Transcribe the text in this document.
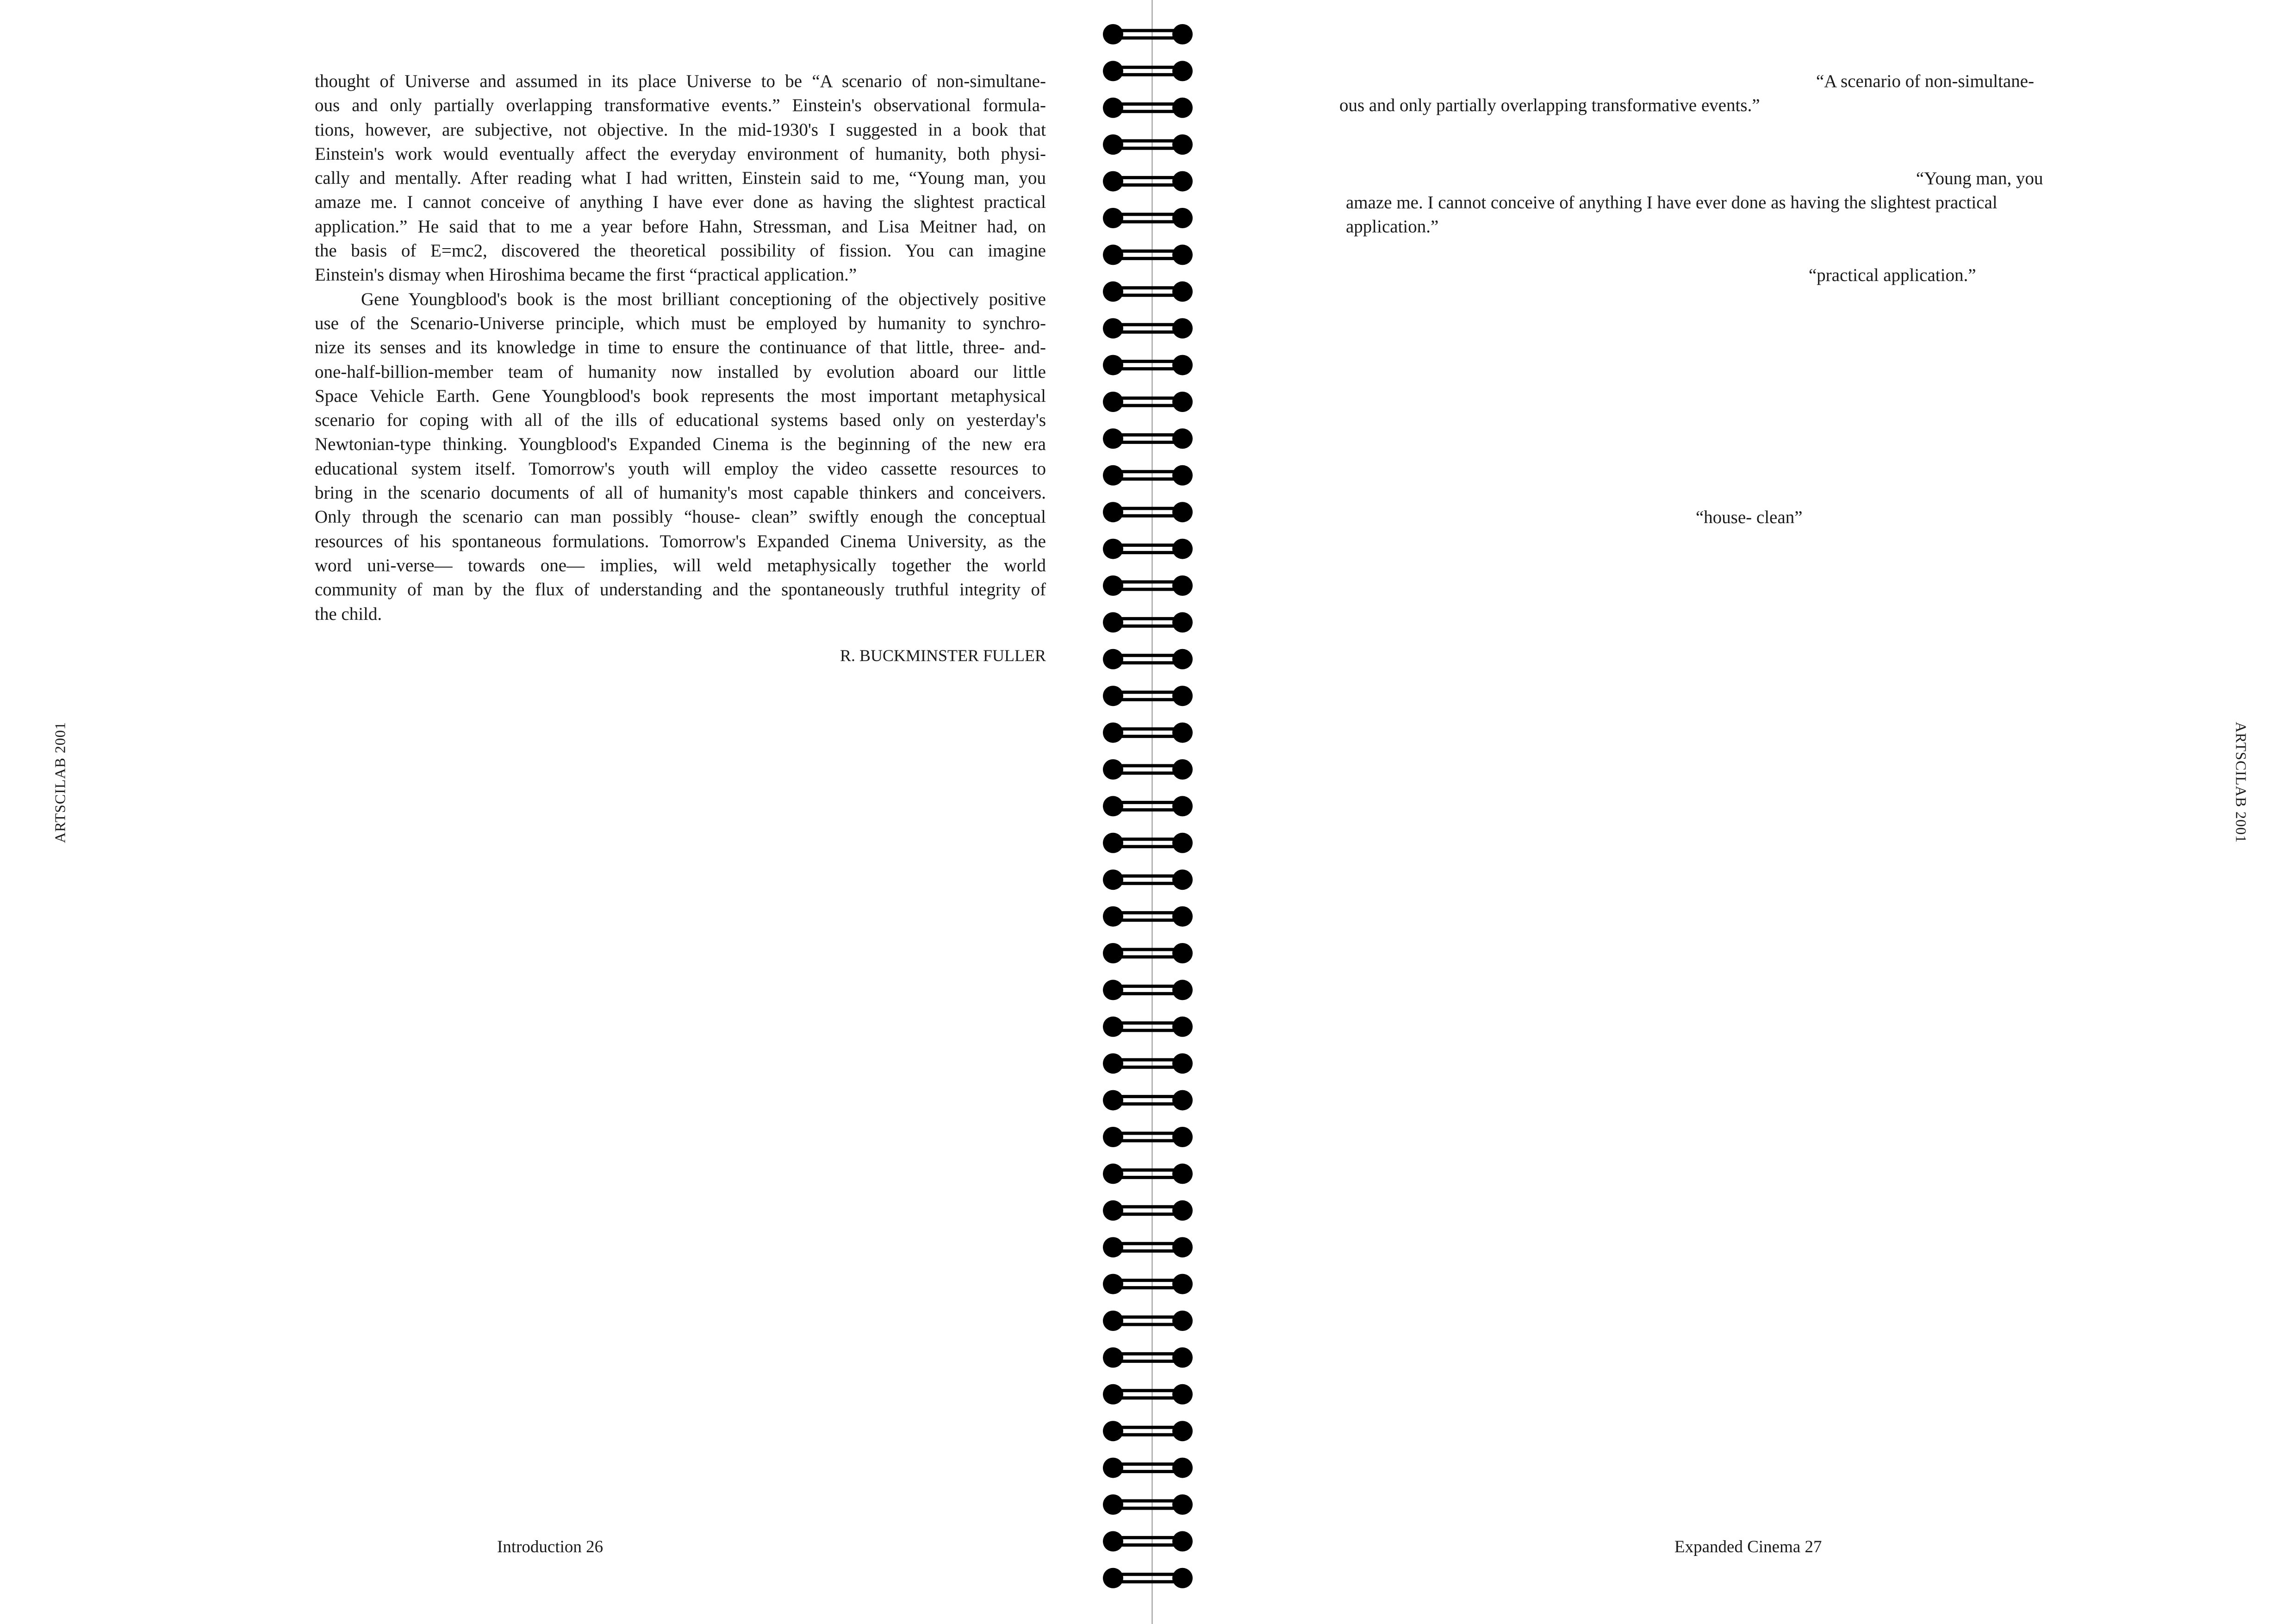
thought of Universe and assumed in its place Universe to be “A scenario of non-simultane-
ous and only partially overlapping transformative events.” Einstein's observational formula-
tions, however, are subjective, not objective. In the mid-1930's I suggested in a book that
Einstein's work would eventually affect the everyday environment of humanity, both physi-
cally and mentally. After reading what I had written, Einstein said to me, “Young man, you
amaze me. I cannot conceive of anything I have ever done as having the slightest practical
application.” He said that to me a year before Hahn, Stressman, and Lisa Meitner had, on
the basis of E=mc2, discovered the theoretical possibility of fission. You can imagine
Einstein's dismay when Hiroshima became the first “practical application.”
Gene Youngblood's book is the most brilliant conceptioning of the objectively positive
use of the Scenario-Universe principle, which must be employed by humanity to synchro-
nize its senses and its knowledge in time to ensure the continuance of that little, three- and-
one-half-billion-member team of humanity now installed by evolution aboard our little
Space Vehicle Earth. Gene Youngblood's book represents the most important metaphysical
scenario for coping with all of the ills of educational systems based only on yesterday's
Newtonian-type thinking. Youngblood's Expanded Cinema is the beginning of the new era
educational system itself. Tomorrow's youth will employ the video cassette resources to
bring in the scenario documents of all of humanity's most capable thinkers and conceivers.
Only through the scenario can man possibly “house- clean” swiftly enough the conceptual
resources of his spontaneous formulations. Tomorrow's Expanded Cinema University, as the
word uni-verse— towards one— implies, will weld metaphysically together the world
community of man by the flux of understanding and the spontaneously truthful integrity of
the child.
R. BUCKMINSTER FULLER
ARTSCILAB 2001
Introduction 26
“A scenario of non-simultane-
ous and only partially overlapping transformative events.”
“Young man, you
amaze me. I cannot conceive of anything I have ever done as having the slightest practical
application.”
“practical application.”
“house- clean”
ARTSCILAB 2001
Expanded Cinema 27
